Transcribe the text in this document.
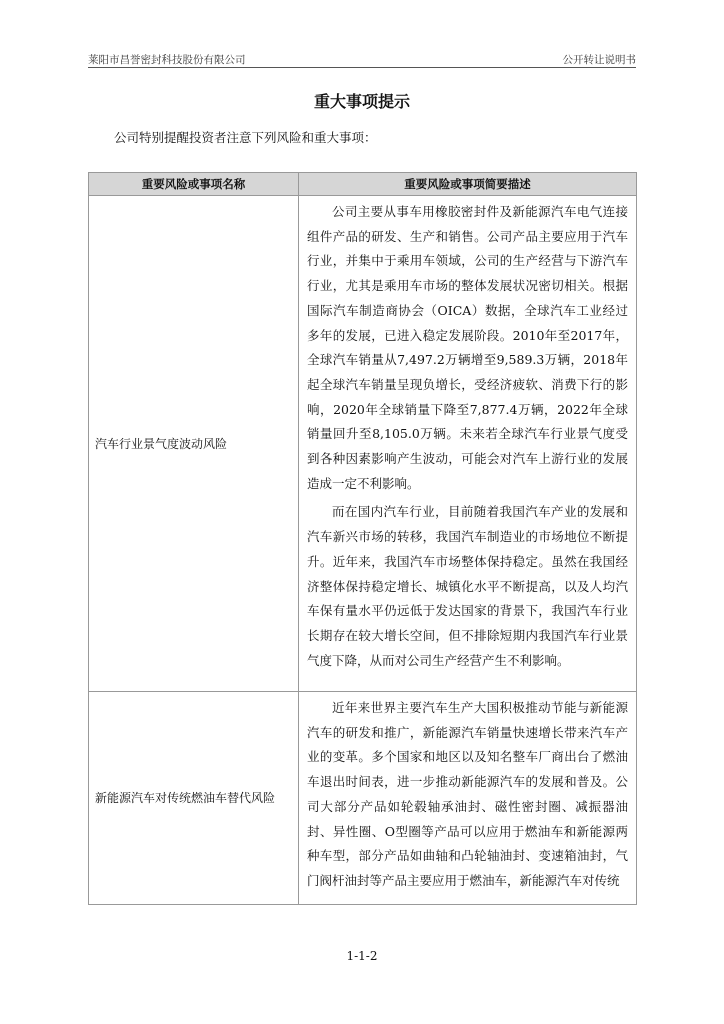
莱阳市昌誉密封科技股份有限公司	公开转让说明书
重大事项提示
公司特别提醒投资者注意下列风险和重大事项：
重要风险或事项名称	重要风险或事项简要描述
汽车行业景气度波动风险	公司主要从事车用橡胶密封件及新能源汽车电气连接组件产品的研发、生产和销售。公司产品主要应用于汽车行业，并集中于乘用车领域，公司的生产经营与下游汽车行业，尤其是乘用车市场的整体发展状况密切相关。根据国际汽车制造商协会（OICA）数据，全球汽车工业经过多年的发展，已进入稳定发展阶段。2010年至2017年，全球汽车销量从7,497.2万辆增至9,589.3万辆，2018年起全球汽车销量呈现负增长，受经济疲软、消费下行的影响，2020年全球销量下降至7,877.4万辆，2022年全球销量回升至8,105.0万辆。未来若全球汽车行业景气度受到各种因素影响产生波动，可能会对汽车上游行业的发展造成一定不利影响。

而在国内汽车行业，目前随着我国汽车产业的发展和汽车新兴市场的转移，我国汽车制造业的市场地位不断提升。近年来，我国汽车市场整体保持稳定。虽然在我国经济整体保持稳定增长、城镇化水平不断提高，以及人均汽车保有量水平仍远低于发达国家的背景下，我国汽车行业长期存在较大增长空间，但不排除短期内我国汽车行业景气度下降，从而对公司生产经营产生不利影响。

新能源汽车对传统燃油车替代风险	近年来世界主要汽车生产大国积极推动节能与新能源汽车的研发和推广，新能源汽车销量快速增长带来汽车产业的变革。多个国家和地区以及知名整车厂商出台了燃油车退出时间表，进一步推动新能源汽车的发展和普及。公司大部分产品如轮毂轴承油封、磁性密封圈、减振器油封、异性圈、O型圈等产品可以应用于燃油车和新能源两种车型，部分产品如曲轴和凸轮轴油封、变速箱油封，气门阀杆油封等产品主要应用于燃油车，新能源汽车对传统

1-1-2
